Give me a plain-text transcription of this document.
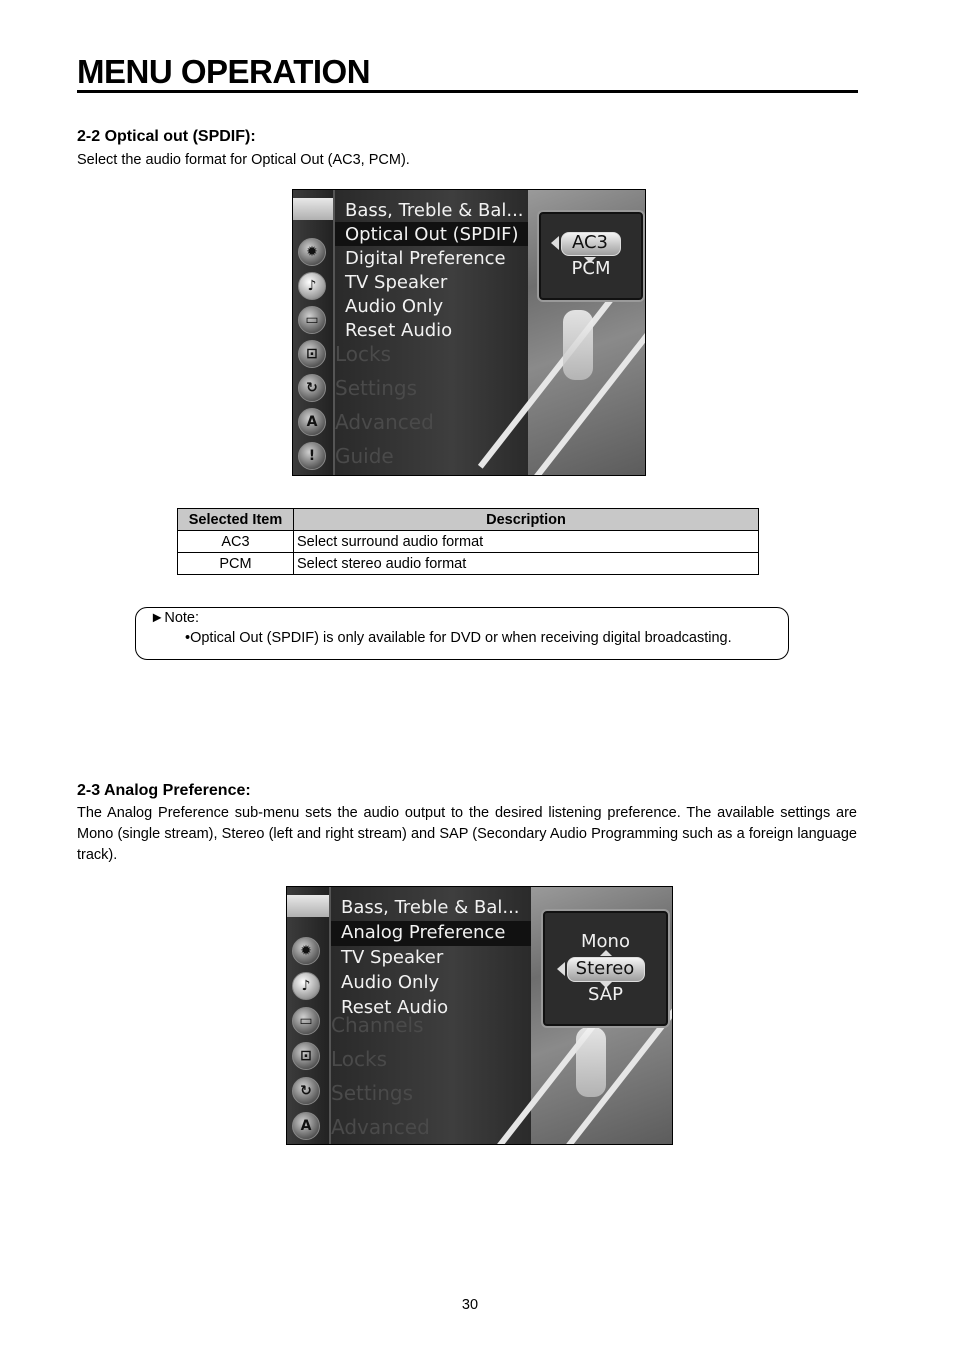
MENU OPERATION
2-2 Optical out (SPDIF):
Select the audio format for Optical Out (AC3, PCM).
✹
♪
▭
⊡
↻
A
!
Locks
Settings
Advanced
Guide
Bass, Treble & Bal...
Optical Out (SPDIF)
Digital Preference
TV Speaker
Audio Only
Reset Audio
AC3
PCM
Selected Item	Description
AC3	Select surround audio format
PCM	Select stereo audio format
►Note:
•Optical Out (SPDIF) is only available for DVD or when receiving digital broadcasting.
2-3 Analog Preference:
The Analog Preference sub-menu sets the audio output to the desired listening preference. The available settings are Mono (single stream), Stereo (left and right stream) and SAP (Secondary Audio Programming such as a foreign language track).
✹
♪
▭
⊡
↻
A
Channels
Locks
Settings
Advanced
Bass, Treble & Bal...
Analog Preference
TV Speaker
Audio Only
Reset Audio
Mono
Stereo
SAP
30
